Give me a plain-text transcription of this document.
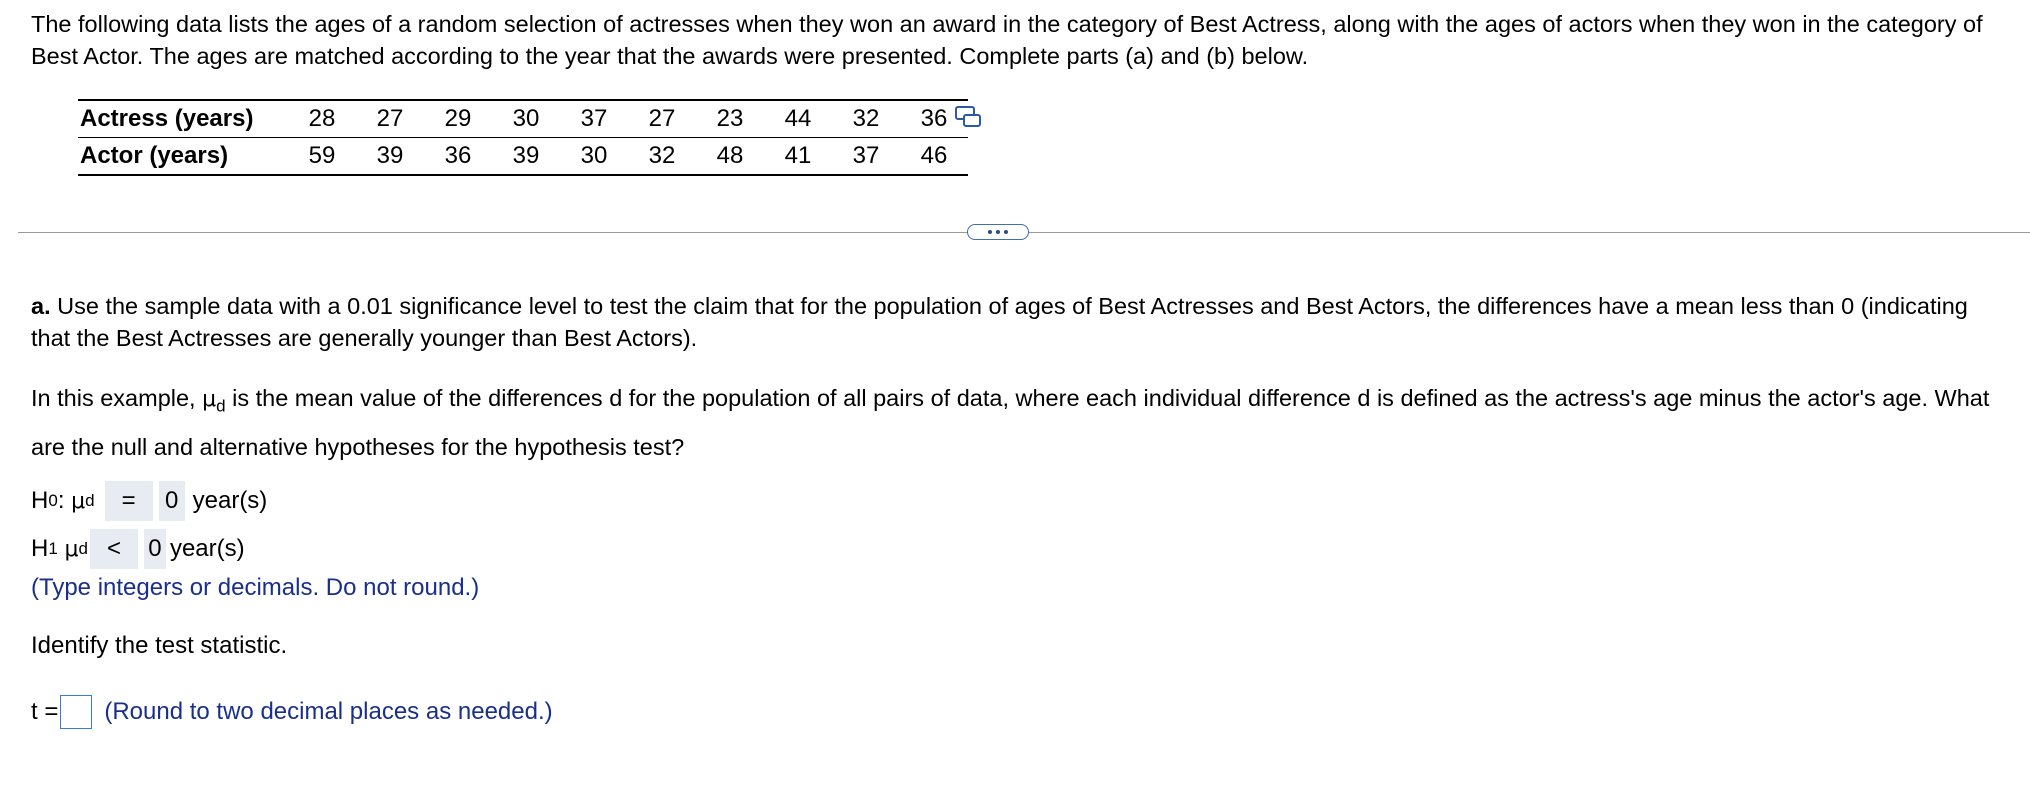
The following data lists the ages of a random selection of actresses when they won an award in the category of Best Actress, along with the ages of actors when they won in the category of Best Actor. The ages are matched according to the year that the awards were presented. Complete parts (a) and (b) below.

Actress (years)	28	27	29	30	37	27	23	44	32	36
Actor (years)	59	39	36	39	30	32	48	41	37	46

a. Use the sample data with a 0.01 significance level to test the claim that for the population of ages of Best Actresses and Best Actors, the differences have a mean less than 0 (indicating that the Best Actresses are generally younger than Best Actors).

In this example, $\mu_d$ is the mean value of the differences d for the population of all pairs of data, where each individual difference d is defined as the actress's age minus the actor's age. What are the null and alternative hypotheses for the hypothesis test?

H 0 :
μ d	=	0 year(s)
H 1
μ d <	0 year(s)
(Type integers or decimals. Do not round.)
Identify the test statistic.
t = (Round to two decimal places as needed.)
